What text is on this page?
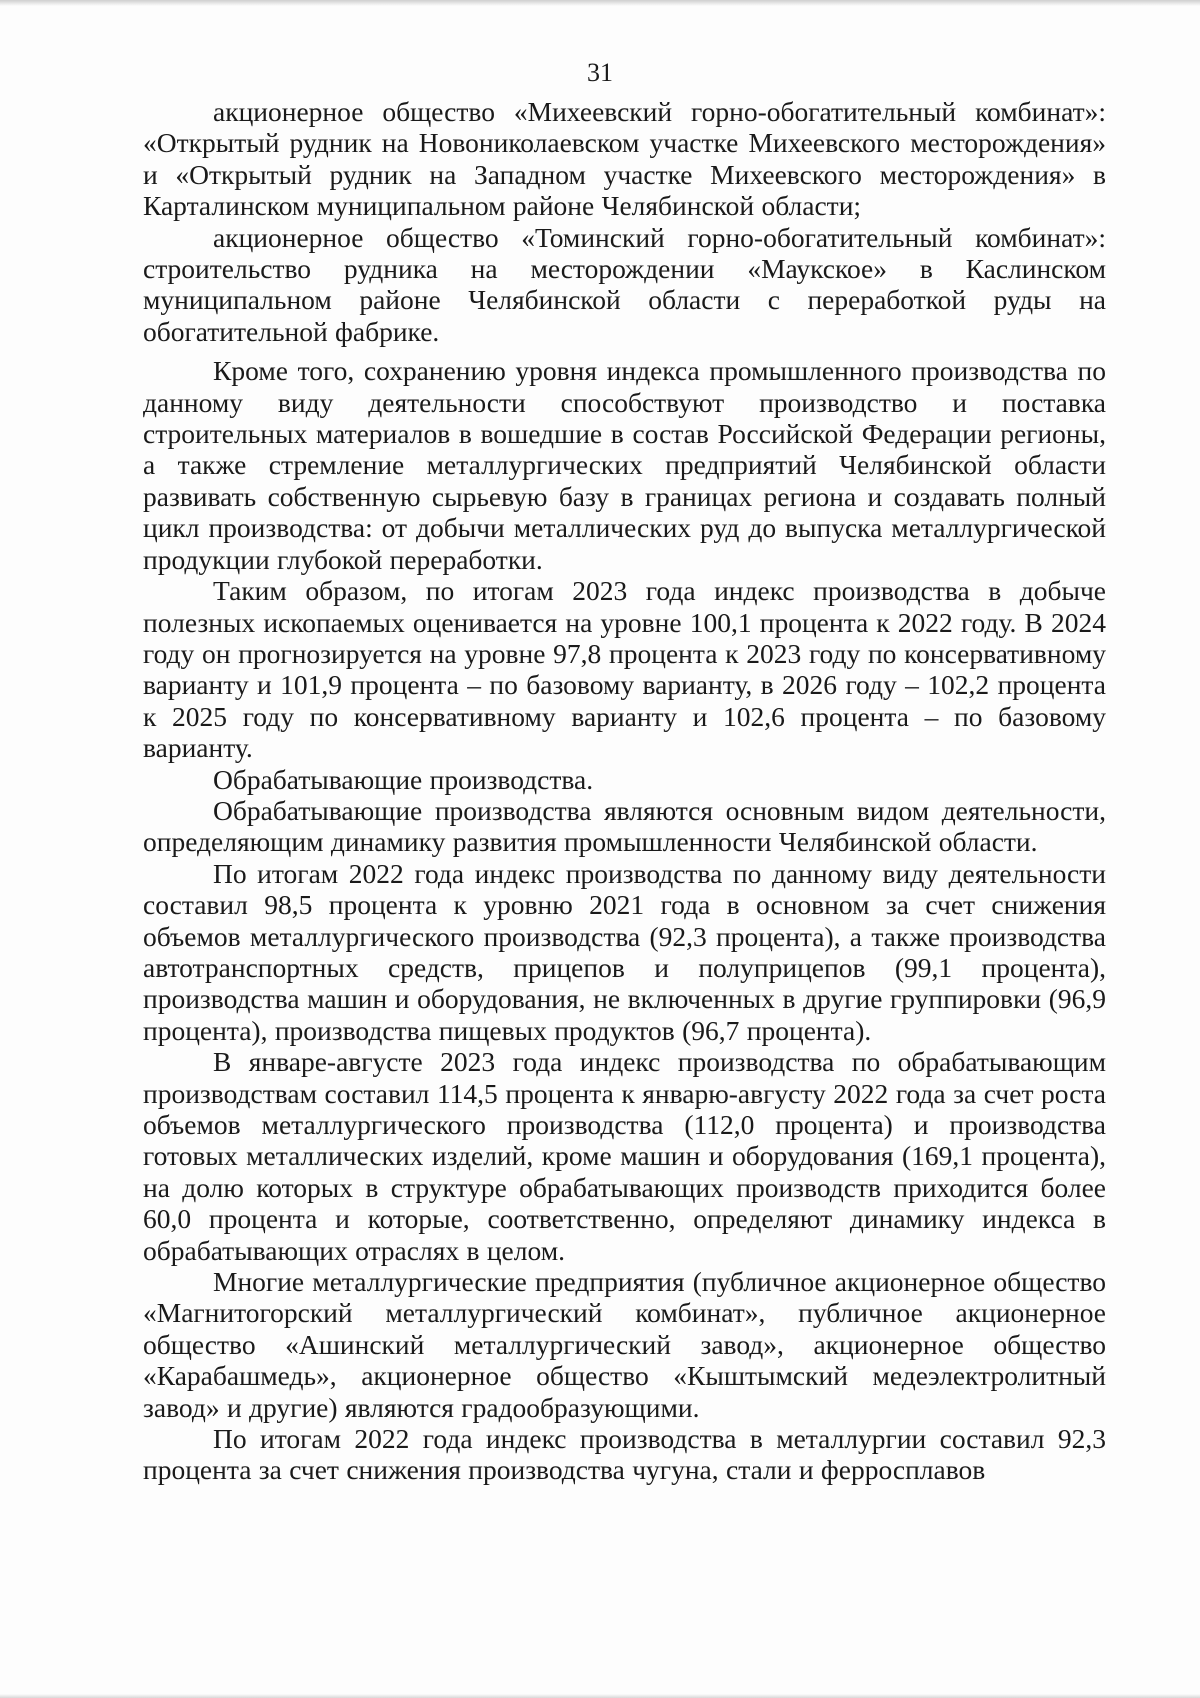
31

акционерное общество «Михеевский горно-обогатительный комбинат»: «Открытый рудник на Новониколаевском участке Михеевского месторождения» и «Открытый рудник на Западном участке Михеевского месторождения» в Карталинском муниципальном районе Челябинской области;

акционерное общество «Томинский горно-обогатительный комбинат»: строительство рудника на месторождении «Маукское» в Каслинском муниципальном районе Челябинской области с переработкой руды на обогатительной фабрике.

Кроме того, сохранению уровня индекса промышленного производства по данному виду деятельности способствуют производство и поставка строительных материалов в вошедшие в состав Российской Федерации регионы, а также стремление металлургических предприятий Челябинской области развивать собственную сырьевую базу в границах региона и создавать полный цикл производства: от добычи металлических руд до выпуска металлургической продукции глубокой переработки.

Таким образом, по итогам 2023 года индекс производства в добыче полезных ископаемых оценивается на уровне 100,1 процента к 2022 году. В 2024 году он прогнозируется на уровне 97,8 процента к 2023 году по консервативному варианту и 101,9 процента – по базовому варианту, в 2026 году – 102,2 процента к 2025 году по консервативному варианту и 102,6 процента – по базовому варианту.

Обрабатывающие производства.

Обрабатывающие производства являются основным видом деятельности, определяющим динамику развития промышленности Челябинской области.

По итогам 2022 года индекс производства по данному виду деятельности составил 98,5 процента к уровню 2021 года в основном за счет снижения объемов металлургического производства (92,3 процента), а также производства автотранспортных средств, прицепов и полуприцепов (99,1 процента), производства машин и оборудования, не включенных в другие группировки (96,9 процента), производства пищевых продуктов (96,7 процента).

В январе-августе 2023 года индекс производства по обрабатывающим производствам составил 114,5 процента к январю-августу 2022 года за счет роста объемов металлургического производства (112,0 процента) и производства готовых металлических изделий, кроме машин и оборудования (169,1 процента), на долю которых в структуре обрабатывающих производств приходится более 60,0 процента и которые, соответственно, определяют динамику индекса в обрабатывающих отраслях в целом.

Многие металлургические предприятия (публичное акционерное общество «Магнитогорский металлургический комбинат», публичное акционерное общество «Ашинский металлургический завод», акционерное общество «Карабашмедь», акционерное общество «Кыштымский медеэлектролитный завод» и другие) являются градообразующими.

По итогам 2022 года индекс производства в металлургии составил 92,3 процента за счет снижения производства чугуна, стали и ферросплавов
